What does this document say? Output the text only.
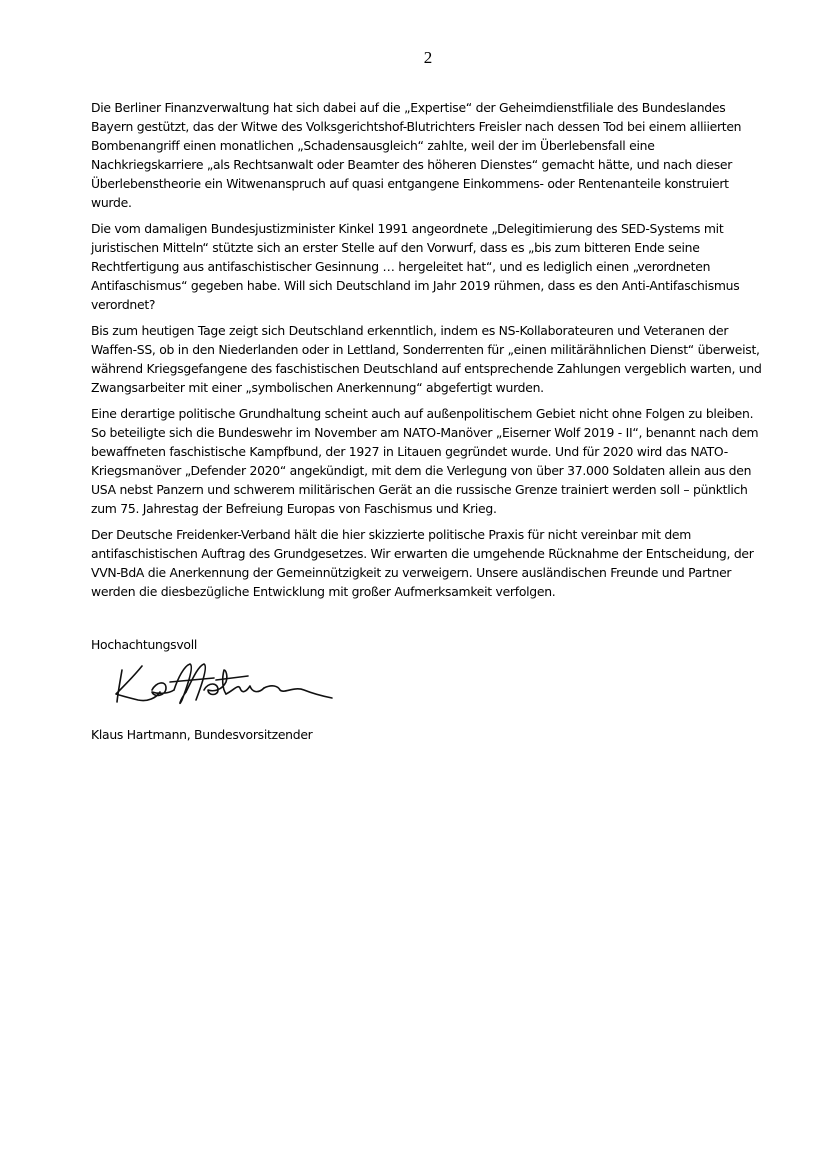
2

Die Berliner Finanzverwaltung hat sich dabei auf die „Expertise“ der Geheimdienstfiliale des Bundeslandes Bayern gestützt, das der Witwe des Volksgerichtshof-Blutrichters Freisler nach dessen Tod bei einem alliierten Bombenangriff einen monatlichen „Schadensausgleich“ zahlte, weil der im Überlebensfall eine Nachkriegskarriere „als Rechtsanwalt oder Beamter des höheren Dienstes“ gemacht hätte, und nach dieser Überlebenstheorie ein Witwenanspruch auf quasi entgangene Einkommens- oder Rentenanteile konstruiert wurde.

Die vom damaligen Bundesjustizminister Kinkel 1991 angeordnete „Delegitimierung des SED-Systems mit juristischen Mitteln“ stützte sich an erster Stelle auf den Vorwurf, dass es „bis zum bitteren Ende seine Rechtfertigung aus antifaschistischer Gesinnung … hergeleitet hat“, und es lediglich einen „verordneten Antifaschismus“ gegeben habe. Will sich Deutschland im Jahr 2019 rühmen, dass es den Anti-Antifaschismus verordnet?

Bis zum heutigen Tage zeigt sich Deutschland erkenntlich, indem es NS-Kollaborateuren und Veteranen der Waffen-SS, ob in den Niederlanden oder in Lettland, Sonderrenten für „einen militärähnlichen Dienst“ überweist, während Kriegsgefangene des faschistischen Deutschland auf entsprechende Zahlungen vergeblich warten, und Zwangsarbeiter mit einer „symbolischen Anerkennung“ abgefertigt wurden.

Eine derartige politische Grundhaltung scheint auch auf außenpolitischem Gebiet nicht ohne Folgen zu bleiben. So beteiligte sich die Bundeswehr im November am NATO-Manöver „Eiserner Wolf 2019 - II“, benannt nach dem bewaffneten faschistische Kampfbund, der 1927 in Litauen gegründet wurde. Und für 2020 wird das NATO-Kriegsmanöver „Defender 2020“ angekündigt, mit dem die Verlegung von über 37.000 Soldaten allein aus den USA nebst Panzern und schwerem militärischen Gerät an die russische Grenze trainiert werden soll – pünktlich zum 75. Jahrestag der Befreiung Europas von Faschismus und Krieg.

Der Deutsche Freidenker-Verband hält die hier skizzierte politische Praxis für nicht vereinbar mit dem antifaschistischen Auftrag des Grundgesetzes. Wir erwarten die umgehende Rücknahme der Entscheidung, der VVN-BdA die Anerkennung der Gemeinnützigkeit zu verweigern. Unsere ausländischen Freunde und Partner werden die diesbezügliche Entwicklung mit großer Aufmerksamkeit verfolgen.

Hochachtungsvoll
Klaus Hartmann, Bundesvorsitzender
